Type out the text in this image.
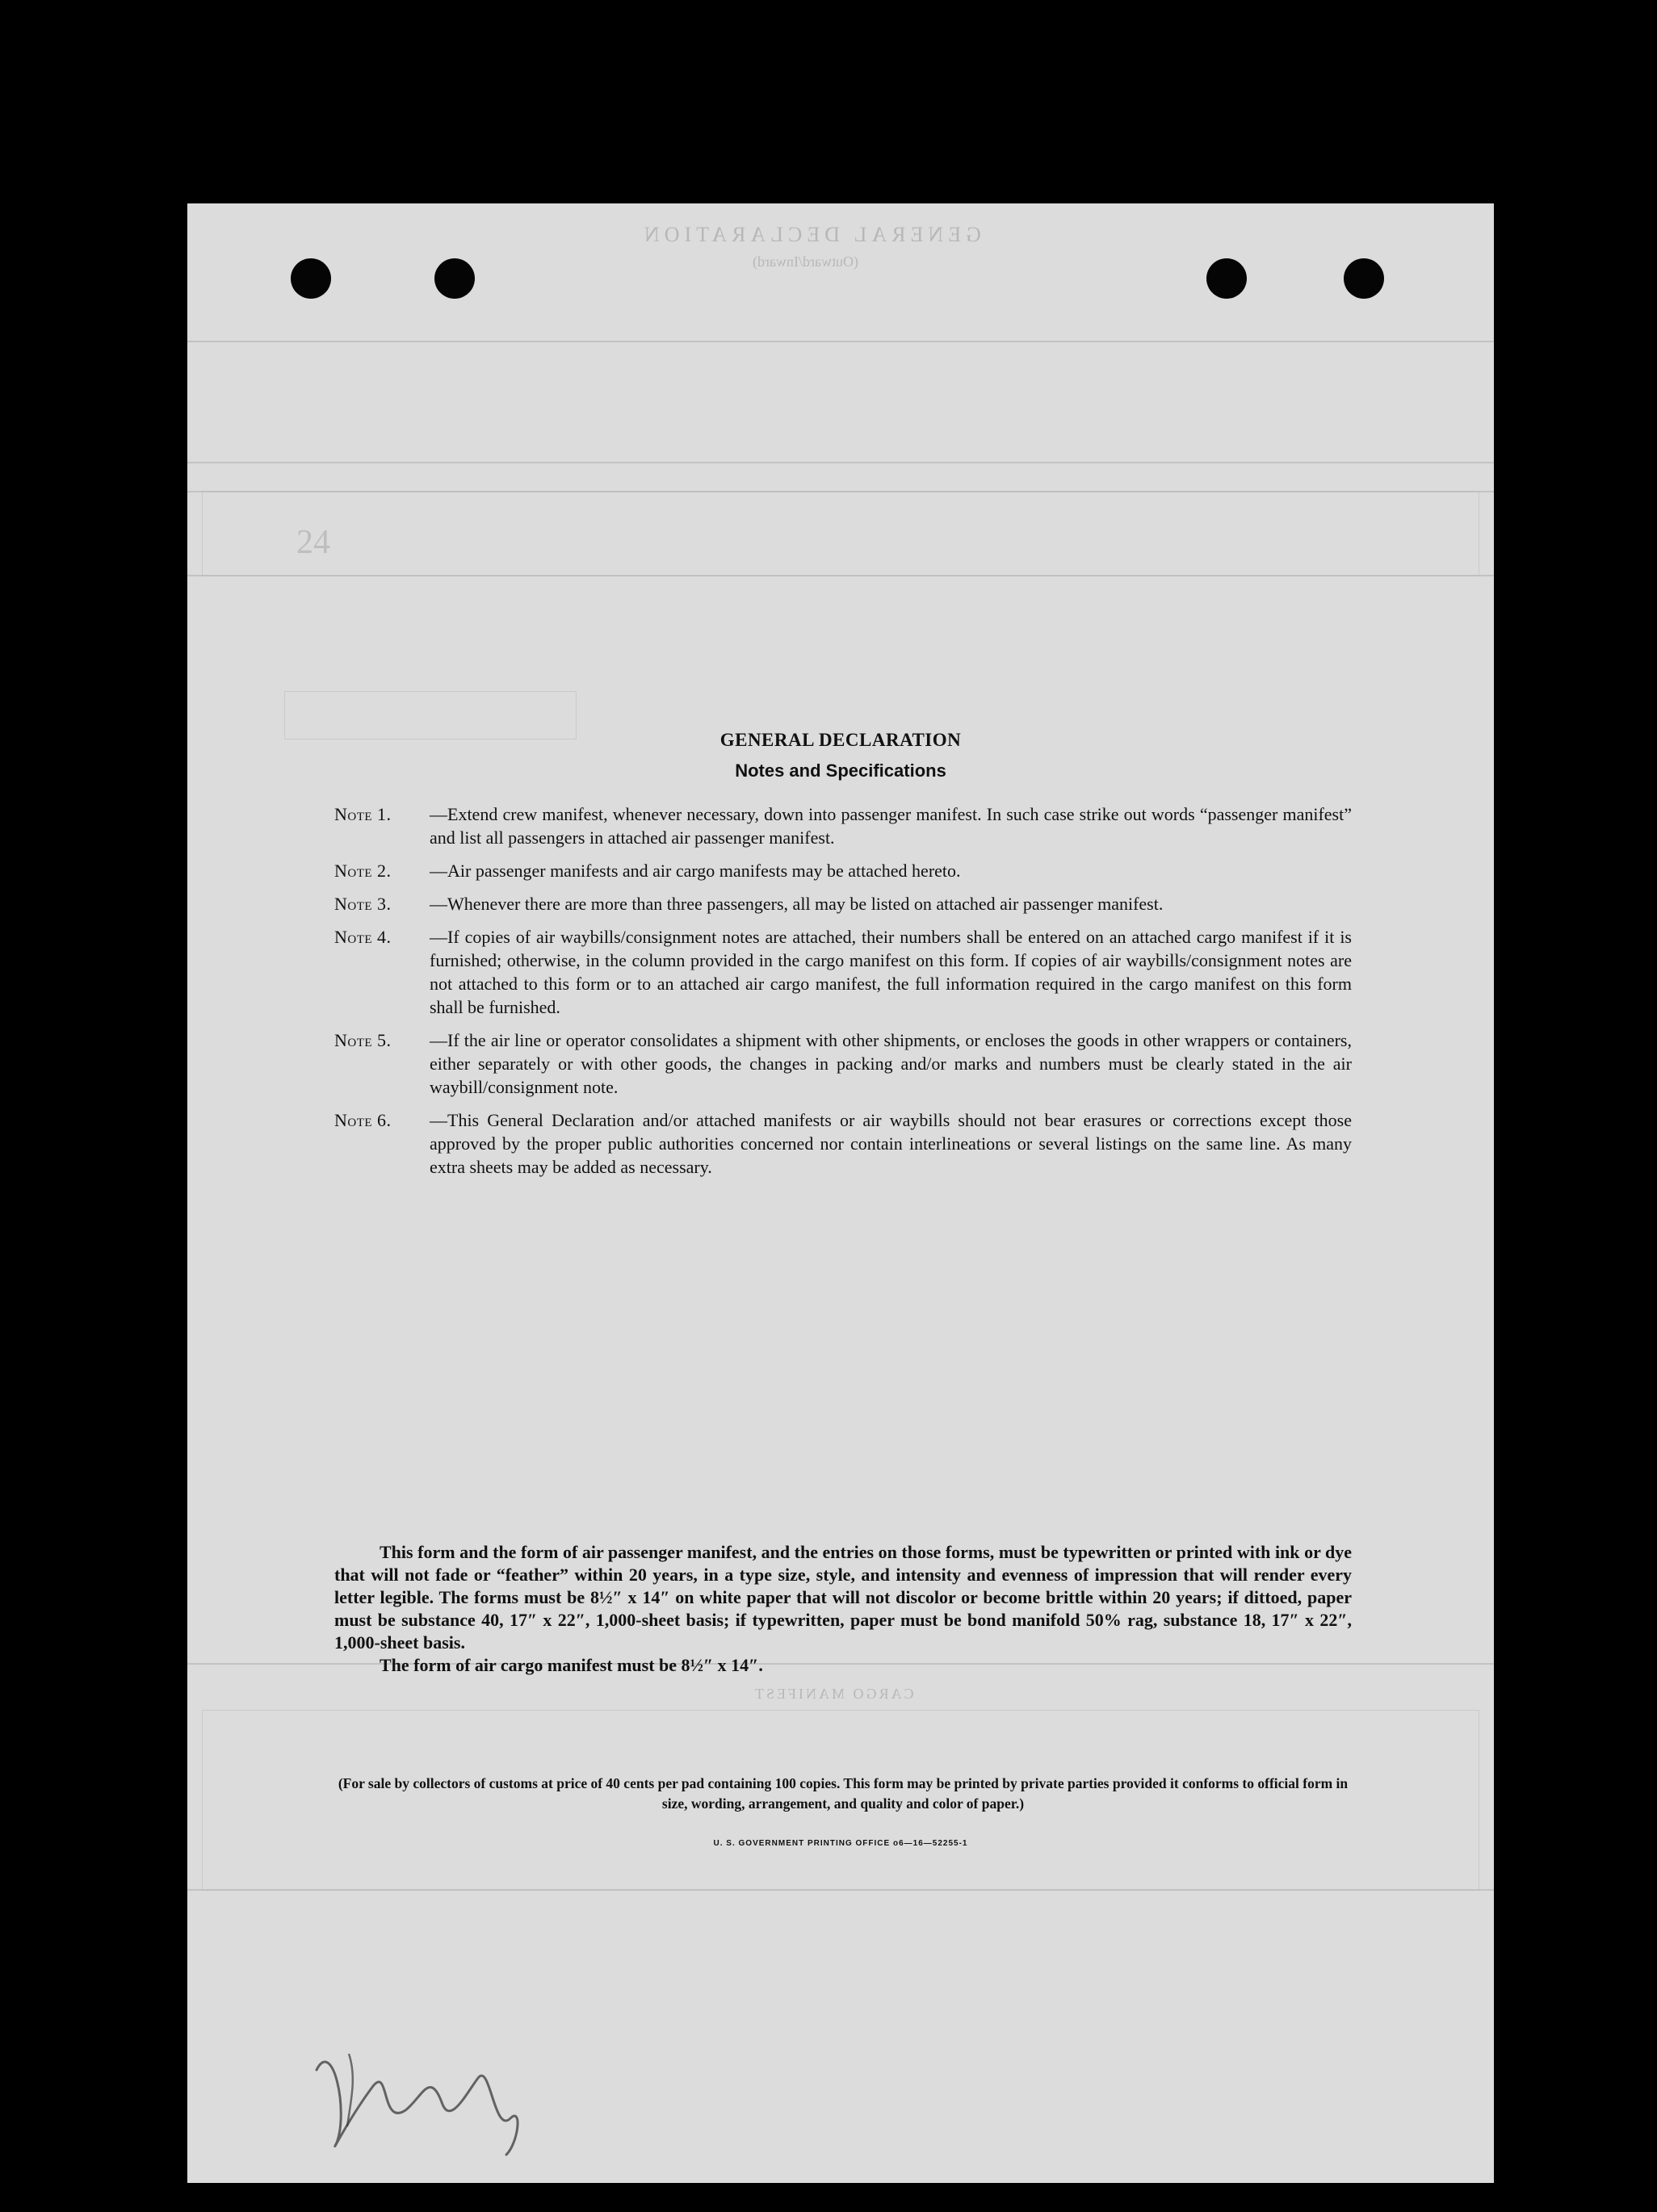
GENERAL DECLARATION
(Outward/Inward)
24
CARGO MANIFEST
GENERAL DECLARATION
Notes and Specifications
Note 1.	—Extend crew manifest, whenever necessary, down into passenger manifest. In such case strike out words “passenger manifest” and list all passengers in attached air passenger manifest.
Note 2.	—Air passenger manifests and air cargo manifests may be attached hereto.
Note 3.	—Whenever there are more than three passengers, all may be listed on attached air passenger manifest.
Note 4.	—If copies of air waybills/consignment notes are attached, their numbers shall be entered on an attached cargo manifest if it is furnished; otherwise, in the column provided in the cargo manifest on this form. If copies of air waybills/consignment notes are not attached to this form or to an attached air cargo manifest, the full information required in the cargo manifest on this form shall be furnished.
Note 5.	—If the air line or operator consolidates a shipment with other shipments, or encloses the goods in other wrappers or containers, either separately or with other goods, the changes in packing and/or marks and numbers must be clearly stated in the air waybill/consignment note.
Note 6.	—This General Declaration and/or attached manifests or air waybills should not bear erasures or corrections except those approved by the proper public authorities concerned nor contain interlineations or several listings on the same line. As many extra sheets may be added as necessary.
This form and the form of air passenger manifest, and the entries on those forms, must be typewritten or printed with ink or dye that will not fade or “feather” within 20 years, in a type size, style, and intensity and evenness of impression that will render every letter legible. The forms must be 8½″ x 14″ on white paper that will not discolor or become brittle within 20 years; if dittoed, paper must be substance 40, 17″ x 22″, 1,000-sheet basis; if typewritten, paper must be bond manifold 50% rag, substance 18, 17″ x 22″, 1,000-sheet basis.
The form of air cargo manifest must be 8½″ x 14″.
(For sale by collectors of customs at price of 40 cents per pad containing 100 copies. This form may be printed by private parties provided it conforms to official form in size, wording, arrangement, and quality and color of paper.)
U. S. GOVERNMENT PRINTING OFFICE o6—16—52255-1
